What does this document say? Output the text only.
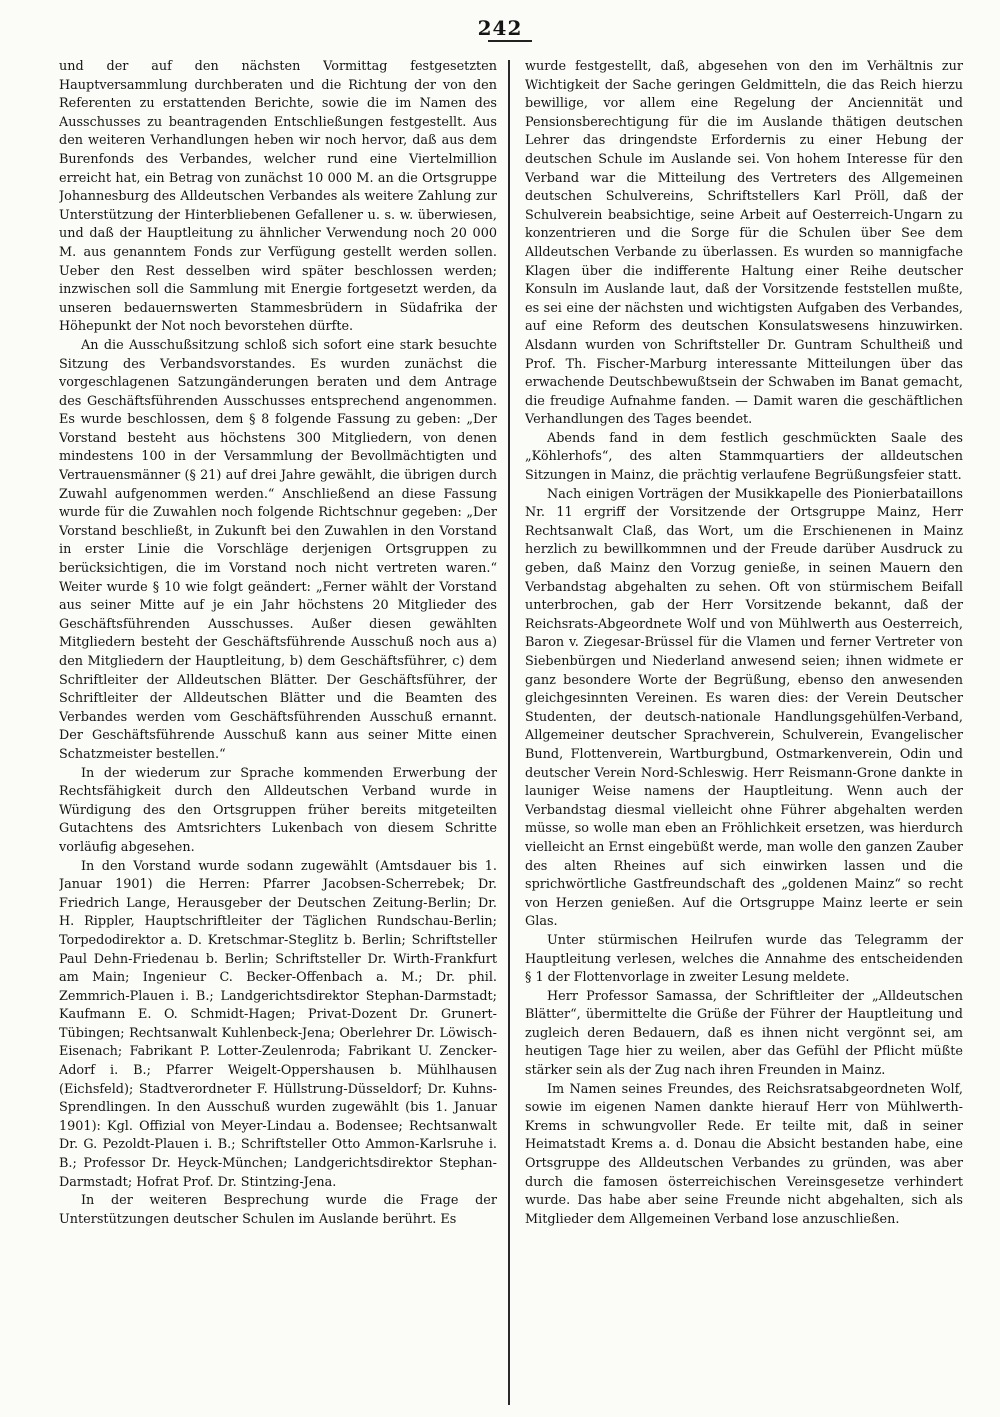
242

und der auf den nächsten Vormittag festgesetzten Hauptversammlung durchberaten und die Richtung der von den Referenten zu erstattenden Berichte, sowie die im Namen des Ausschusses zu beantragenden Entschließungen festgestellt. Aus den weiteren Verhandlungen heben wir noch hervor, daß aus dem Burenfonds des Verbandes, welcher rund eine Viertelmillion erreicht hat, ein Betrag von zunächst 10 000 M. an die Ortsgruppe Johannesburg des Alldeutschen Verbandes als weitere Zahlung zur Unterstützung der Hinterbliebenen Gefallener u. s. w. überwiesen, und daß der Hauptleitung zu ähnlicher Verwendung noch 20 000 M. aus genanntem Fonds zur Verfügung gestellt werden sollen. Ueber den Rest desselben wird später beschlossen werden; inzwischen soll die Sammlung mit Energie fortgesetzt werden, da unseren bedauernswerten Stammesbrüdern in Südafrika der Höhepunkt der Not noch bevorstehen dürfte.

An die Ausschußsitzung schloß sich sofort eine stark besuchte Sitzung des Verbandsvorstandes. Es wurden zunächst die vorgeschlagenen Satzungänderungen beraten und dem Antrage des Geschäftsführenden Ausschusses entsprechend angenommen. Es wurde beschlossen, dem § 8 folgende Fassung zu geben: „Der Vorstand besteht aus höchstens 300 Mitgliedern, von denen mindestens 100 in der Versammlung der Bevollmächtigten und Vertrauensmänner (§ 21) auf drei Jahre gewählt, die übrigen durch Zuwahl aufgenommen werden.“ Anschließend an diese Fassung wurde für die Zuwahlen noch folgende Richtschnur gegeben: „Der Vorstand beschließt, in Zukunft bei den Zuwahlen in den Vorstand in erster Linie die Vorschläge derjenigen Ortsgruppen zu berücksichtigen, die im Vorstand noch nicht vertreten waren.“ Weiter wurde § 10 wie folgt geändert: „Ferner wählt der Vorstand aus seiner Mitte auf je ein Jahr höchstens 20 Mitglieder des Geschäftsführenden Ausschusses. Außer diesen gewählten Mitgliedern besteht der Geschäftsführende Ausschuß noch aus a) den Mitgliedern der Hauptleitung, b) dem Geschäftsführer, c) dem Schriftleiter der Alldeutschen Blätter. Der Geschäftsführer, der Schriftleiter der Alldeutschen Blätter und die Beamten des Verbandes werden vom Geschäftsführenden Ausschuß ernannt. Der Geschäftsführende Ausschuß kann aus seiner Mitte einen Schatzmeister bestellen.“

In der wiederum zur Sprache kommenden Erwerbung der Rechtsfähigkeit durch den Alldeutschen Verband wurde in Würdigung des den Ortsgruppen früher bereits mitgeteilten Gutachtens des Amtsrichters Lukenbach von diesem Schritte vorläufig abgesehen.

In den Vorstand wurde sodann zugewählt (Amtsdauer bis 1. Januar 1901) die Herren: Pfarrer Jacobsen-Scherrebek; Dr. Friedrich Lange, Herausgeber der Deutschen Zeitung-Berlin; Dr. H. Rippler, Hauptschriftleiter der Täglichen Rundschau-Berlin; Torpedodirektor a. D. Kretschmar-Steglitz b. Berlin; Schriftsteller Paul Dehn-Friedenau b. Berlin; Schriftsteller Dr. Wirth-Frankfurt am Main; Ingenieur C. Becker-Offenbach a. M.; Dr. phil. Zemmrich-Plauen i. B.; Landgerichtsdirektor Stephan-Darmstadt; Kaufmann E. O. Schmidt-Hagen; Privat-Dozent Dr. Grunert-Tübingen; Rechtsanwalt Kuhlenbeck-Jena; Oberlehrer Dr. Löwisch-Eisenach; Fabrikant P. Lotter-Zeulenroda; Fabrikant U. Zencker-Adorf i. B.; Pfarrer Weigelt-Oppershausen b. Mühlhausen (Eichsfeld); Stadtverordneter F. Hüllstrung-Düsseldorf; Dr. Kuhns-Sprendlingen. In den Ausschuß wurden zugewählt (bis 1. Januar 1901): Kgl. Offizial von Meyer-Lindau a. Bodensee; Rechtsanwalt Dr. G. Pezoldt-Plauen i. B.; Schriftsteller Otto Ammon-Karlsruhe i. B.; Professor Dr. Heyck-München; Landgerichtsdirektor Stephan-Darmstadt; Hofrat Prof. Dr. Stintzing-Jena.

In der weiteren Besprechung wurde die Frage der Unterstützungen deutscher Schulen im Auslande berührt. Es

wurde festgestellt, daß, abgesehen von den im Verhältnis zur Wichtigkeit der Sache geringen Geldmitteln, die das Reich hierzu bewillige, vor allem eine Regelung der Anciennität und Pensionsberechtigung für die im Auslande thätigen deutschen Lehrer das dringendste Erfordernis zu einer Hebung der deutschen Schule im Auslande sei. Von hohem Interesse für den Verband war die Mitteilung des Vertreters des Allgemeinen deutschen Schulvereins, Schriftstellers Karl Pröll, daß der Schulverein beabsichtige, seine Arbeit auf Oesterreich-Ungarn zu konzentrieren und die Sorge für die Schulen über See dem Alldeutschen Verbande zu überlassen. Es wurden so mannigfache Klagen über die indifferente Haltung einer Reihe deutscher Konsuln im Auslande laut, daß der Vorsitzende feststellen mußte, es sei eine der nächsten und wichtigsten Aufgaben des Verbandes, auf eine Reform des deutschen Konsulatswesens hinzuwirken. Alsdann wurden von Schriftsteller Dr. Guntram Schultheiß und Prof. Th. Fischer-Marburg interessante Mitteilungen über das erwachende Deutschbewußtsein der Schwaben im Banat gemacht, die freudige Aufnahme fanden. — Damit waren die geschäftlichen Verhandlungen des Tages beendet.

Abends fand in dem festlich geschmückten Saale des „Köhlerhofs“, des alten Stammquartiers der alldeutschen Sitzungen in Mainz, die prächtig verlaufene Begrüßungsfeier statt.

Nach einigen Vorträgen der Musikkapelle des Pionierbataillons Nr. 11 ergriff der Vorsitzende der Ortsgruppe Mainz, Herr Rechtsanwalt Claß, das Wort, um die Erschienenen in Mainz herzlich zu bewillkommnen und der Freude darüber Ausdruck zu geben, daß Mainz den Vorzug genieße, in seinen Mauern den Verbandstag abgehalten zu sehen. Oft von stürmischem Beifall unterbrochen, gab der Herr Vorsitzende bekannt, daß der Reichsrats-Abgeordnete Wolf und von Mühlwerth aus Oesterreich, Baron v. Ziegesar-Brüssel für die Vlamen und ferner Vertreter von Siebenbürgen und Niederland anwesend seien; ihnen widmete er ganz besondere Worte der Begrüßung, ebenso den anwesenden gleichgesinnten Vereinen. Es waren dies: der Verein Deutscher Studenten, der deutsch-nationale Handlungsgehülfen-Verband, Allgemeiner deutscher Sprachverein, Schulverein, Evangelischer Bund, Flottenverein, Wartburgbund, Ostmarkenverein, Odin und deutscher Verein Nord-Schleswig. Herr Reismann-Grone dankte in launiger Weise namens der Hauptleitung. Wenn auch der Verbandstag diesmal vielleicht ohne Führer abgehalten werden müsse, so wolle man eben an Fröhlichkeit ersetzen, was hierdurch vielleicht an Ernst eingebüßt werde, man wolle den ganzen Zauber des alten Rheines auf sich einwirken lassen und die sprichwörtliche Gastfreundschaft des „goldenen Mainz“ so recht von Herzen genießen. Auf die Ortsgruppe Mainz leerte er sein Glas.

Unter stürmischen Heilrufen wurde das Telegramm der Hauptleitung verlesen, welches die Annahme des entscheidenden § 1 der Flottenvorlage in zweiter Lesung meldete.

Herr Professor Samassa, der Schriftleiter der „Alldeutschen Blätter“, übermittelte die Grüße der Führer der Hauptleitung und zugleich deren Bedauern, daß es ihnen nicht vergönnt sei, am heutigen Tage hier zu weilen, aber das Gefühl der Pflicht müßte stärker sein als der Zug nach ihren Freunden in Mainz.

Im Namen seines Freundes, des Reichsratsabgeordneten Wolf, sowie im eigenen Namen dankte hierauf Herr von Mühlwerth-Krems in schwungvoller Rede. Er teilte mit, daß in seiner Heimatstadt Krems a. d. Donau die Absicht bestanden habe, eine Ortsgruppe des Alldeutschen Verbandes zu gründen, was aber durch die famosen österreichischen Vereinsgesetze verhindert wurde. Das habe aber seine Freunde nicht abgehalten, sich als Mitglieder dem Allgemeinen Verband lose anzuschließen.
